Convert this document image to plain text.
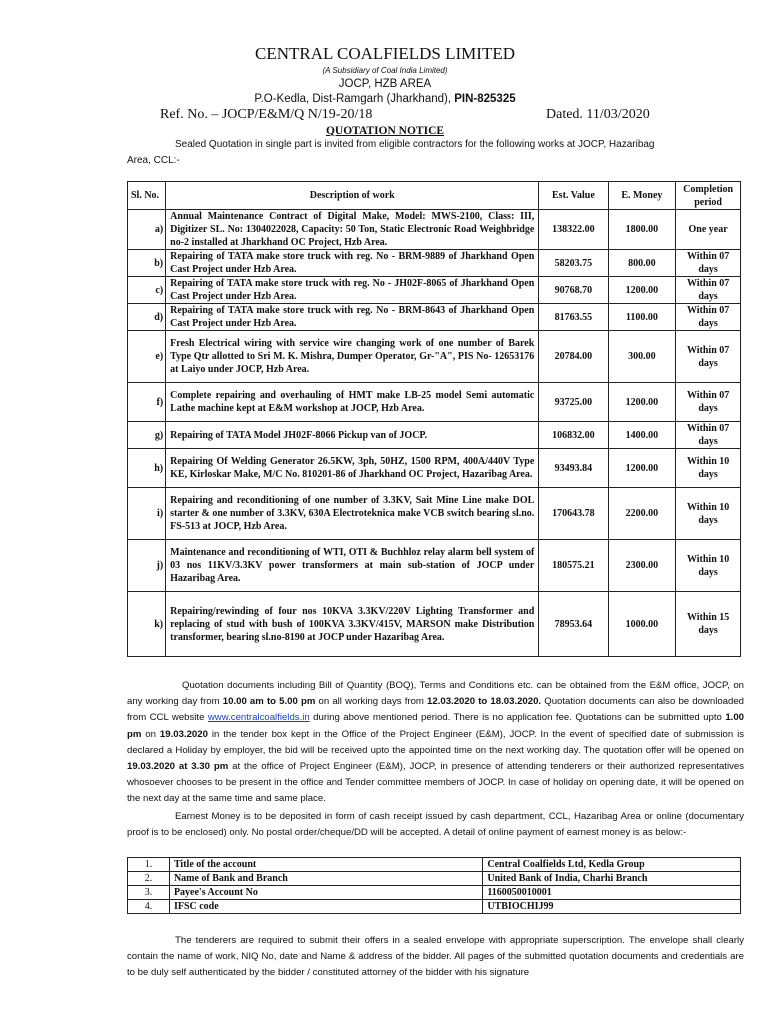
CENTRAL COALFIELDS LIMITED
(A Subsidiary of Coal India Limited)
JOCP, HZB AREA
P.O-Kedla, Dist-Ramgarh (Jharkhand), PIN-825325
Ref. No. – JOCP/E&M/Q N/19-20/18	Dated. 11/03/2020
QUOTATION NOTICE
Sealed Quotation in single part is invited from eligible contractors for the following works at JOCP, Hazaribag
Area, CCL:-
Sl. No.	Description of work	Est. Value	E. Money	Completion period
a)	Annual Maintenance Contract of Digital Make, Model: MWS-2100, Class: III, Digitizer SL. No: 1304022028, Capacity: 50 Ton, Static Electronic Road Weighbridge no-2 installed at Jharkhand OC Project, Hzb Area.	138322.00	1800.00	One year
b)	Repairing of TATA make store truck with reg. No - BRM-9889 of Jharkhand Open Cast Project under Hzb Area.	58203.75	800.00	Within 07 days
c)	Repairing of TATA make store truck with reg. No - JH02F-8065 of Jharkhand Open Cast Project under Hzb Area.	90768.70	1200.00	Within 07 days
d)	Repairing of TATA make store truck with reg. No - BRM-8643 of Jharkhand Open Cast Project under Hzb Area.	81763.55	1100.00	Within 07 days
e)	Fresh Electrical wiring with service wire changing work of one number of Barek Type Qtr allotted to Sri M. K. Mishra, Dumper Operator, Gr-"A", PIS No- 12653176 at Laiyo under JOCP, Hzb Area.	20784.00	300.00	Within 07 days
f)	Complete repairing and overhauling of HMT make LB-25 model Semi automatic Lathe machine kept at E&M workshop at JOCP, Hzb Area.	93725.00	1200.00	Within 07 days
g)	Repairing of TATA Model JH02F-8066 Pickup van of JOCP.	106832.00	1400.00	Within 07 days
h)	Repairing Of Welding Generator 26.5KW, 3ph, 50HZ, 1500 RPM, 400A/440V Type KE, Kirloskar Make, M/C No. 810201-86 of Jharkhand OC Project, Hazaribag Area.	93493.84	1200.00	Within 10 days
i)	Repairing and reconditioning of one number of 3.3KV, Sait Mine Line make DOL starter & one number of 3.3KV, 630A Electroteknica make VCB switch bearing sl.no. FS-513 at JOCP, Hzb Area.	170643.78	2200.00	Within 10 days
j)	Maintenance and reconditioning of WTI, OTI & Buchhloz relay alarm bell system of 03 nos 11KV/3.3KV power transformers at main sub-station of JOCP under Hazaribag Area.	180575.21	2300.00	Within 10 days
k)	Repairing/rewinding of four nos 10KVA 3.3KV/220V Lighting Transformer and replacing of stud with bush of 100KVA 3.3KV/415V, MARSON make Distribution transformer, bearing sl.no-8190 at JOCP under Hazaribag Area.	78953.64	1000.00	Within 15 days
Quotation documents including Bill of Quantity (BOQ), Terms and Conditions etc. can be obtained from the E&M office, JOCP, on any working day from 10.00 am to 5.00 pm on all working days from 12.03.2020 to 18.03.2020. Quotation documents can also be downloaded from CCL website www.centralcoalfields.in during above mentioned period. There is no application fee. Quotations can be submitted upto 1.00 pm on 19.03.2020 in the tender box kept in the Office of the Project Engineer (E&M), JOCP. In the event of specified date of submission is declared a Holiday by employer, the bid will be received upto the appointed time on the next working day. The quotation offer will be opened on 19.03.2020 at 3.30 pm at the office of Project Engineer (E&M), JOCP, in presence of attending tenderers or their authorized representatives whosoever chooses to be present in the office and Tender committee members of JOCP. In case of holiday on opening date, it will be opened on the next day at the same time and same place.
Earnest Money is to be deposited in form of cash receipt issued by cash department, CCL, Hazaribag Area or online (documentary proof is to be enclosed) only. No postal order/cheque/DD will be accepted. A detail of online payment of earnest money is as below:-
1.	Title of the account	Central Coalfields Ltd, Kedla Group
2.	Name of Bank and Branch	United Bank of India, Charhi Branch
3.	Payee's Account No	1160050010001
4.	IFSC code	UTBIOCHIJ99
The tenderers are required to submit their offers in a sealed envelope with appropriate superscription. The envelope shall clearly contain the name of work, NIQ No, date and Name & address of the bidder. All pages of the submitted quotation documents and credentials are to be duly self authenticated by the bidder / constituted attorney of the bidder with his signature
